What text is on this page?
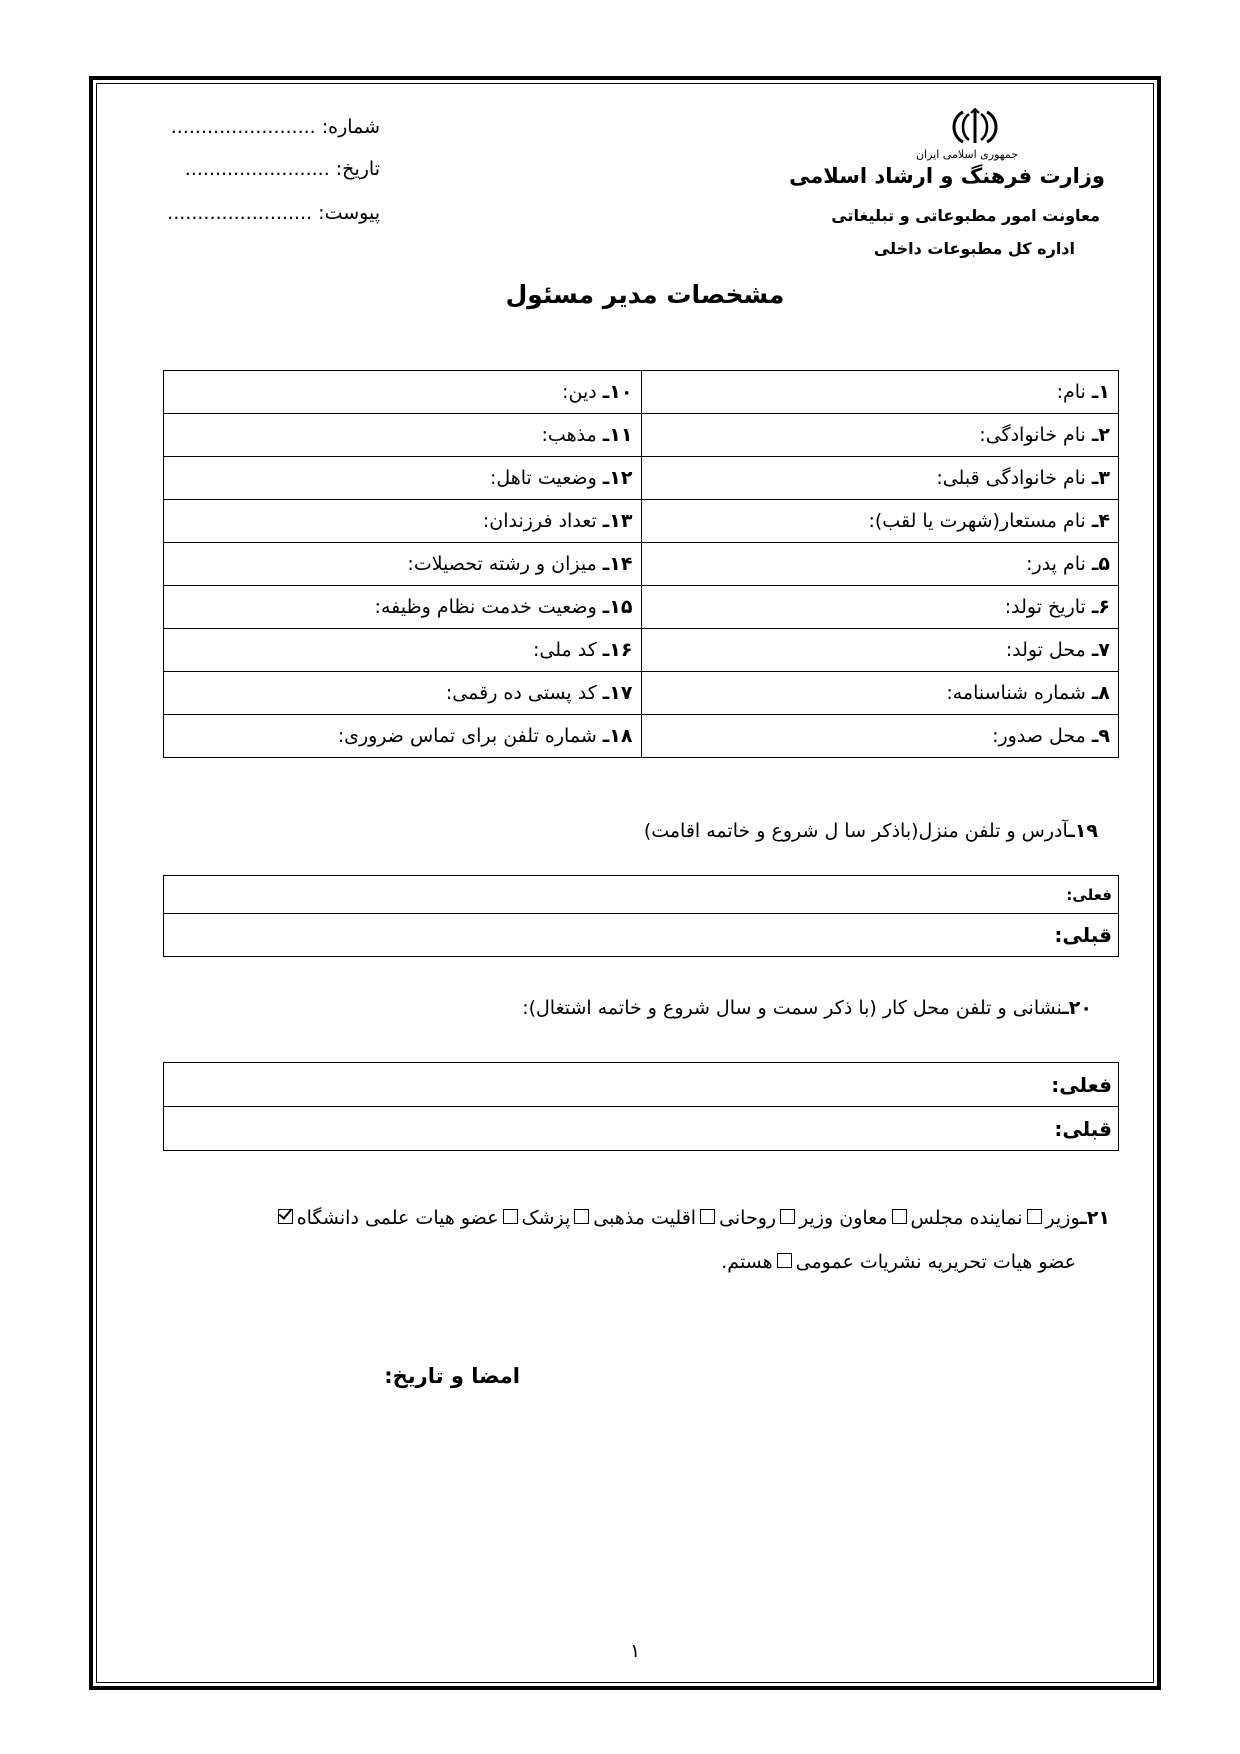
جمهوری اسلامی ایران
وزارت فرهنگ و ارشاد اسلامی
معاونت امور مطبوعاتی و تبلیغاتی
اداره کل مطبوعات داخلی
شماره: ........................
تاریخ: ........................
پیوست: ........................
مشخصات مدیر مسئول
۱ـ نام:	۱۰ـ دین:
۲ـ نام خانوادگی:	۱۱ـ مذهب:
۳ـ نام خانوادگی قبلی:	۱۲ـ وضعیت تاهل:
۴ـ نام مستعار(شهرت یا لقب):	۱۳ـ تعداد فرزندان:
۵ـ نام پدر:	۱۴ـ میزان و رشته تحصیلات:
۶ـ تاریخ تولد:	۱۵ـ وضعیت خدمت نظام وظیفه:
۷ـ محل تولد:	۱۶ـ کد ملی:
۸ـ شماره شناسنامه:	۱۷ـ کد پستی ده رقمی:
۹ـ محل صدور:	۱۸ـ شماره تلفن برای تماس ضروری:
۱۹ـآدرس و تلفن منزل(باذکر سا ل شروع و خاتمه اقامت)
فعلی:
قبلی:
۲۰ـنشانی و تلفن محل کار (با ذکر سمت و سال شروع و خاتمه اشتغال):
فعلی:
قبلی:
۲۱ـوزیرنماینده مجلسمعاون وزیرروحانیاقلیت مذهبیپزشکعضو هیات علمی دانشگاه
عضو هیات تحریریه نشریات عمومیهستم.
امضا و تاریخ:
۱
